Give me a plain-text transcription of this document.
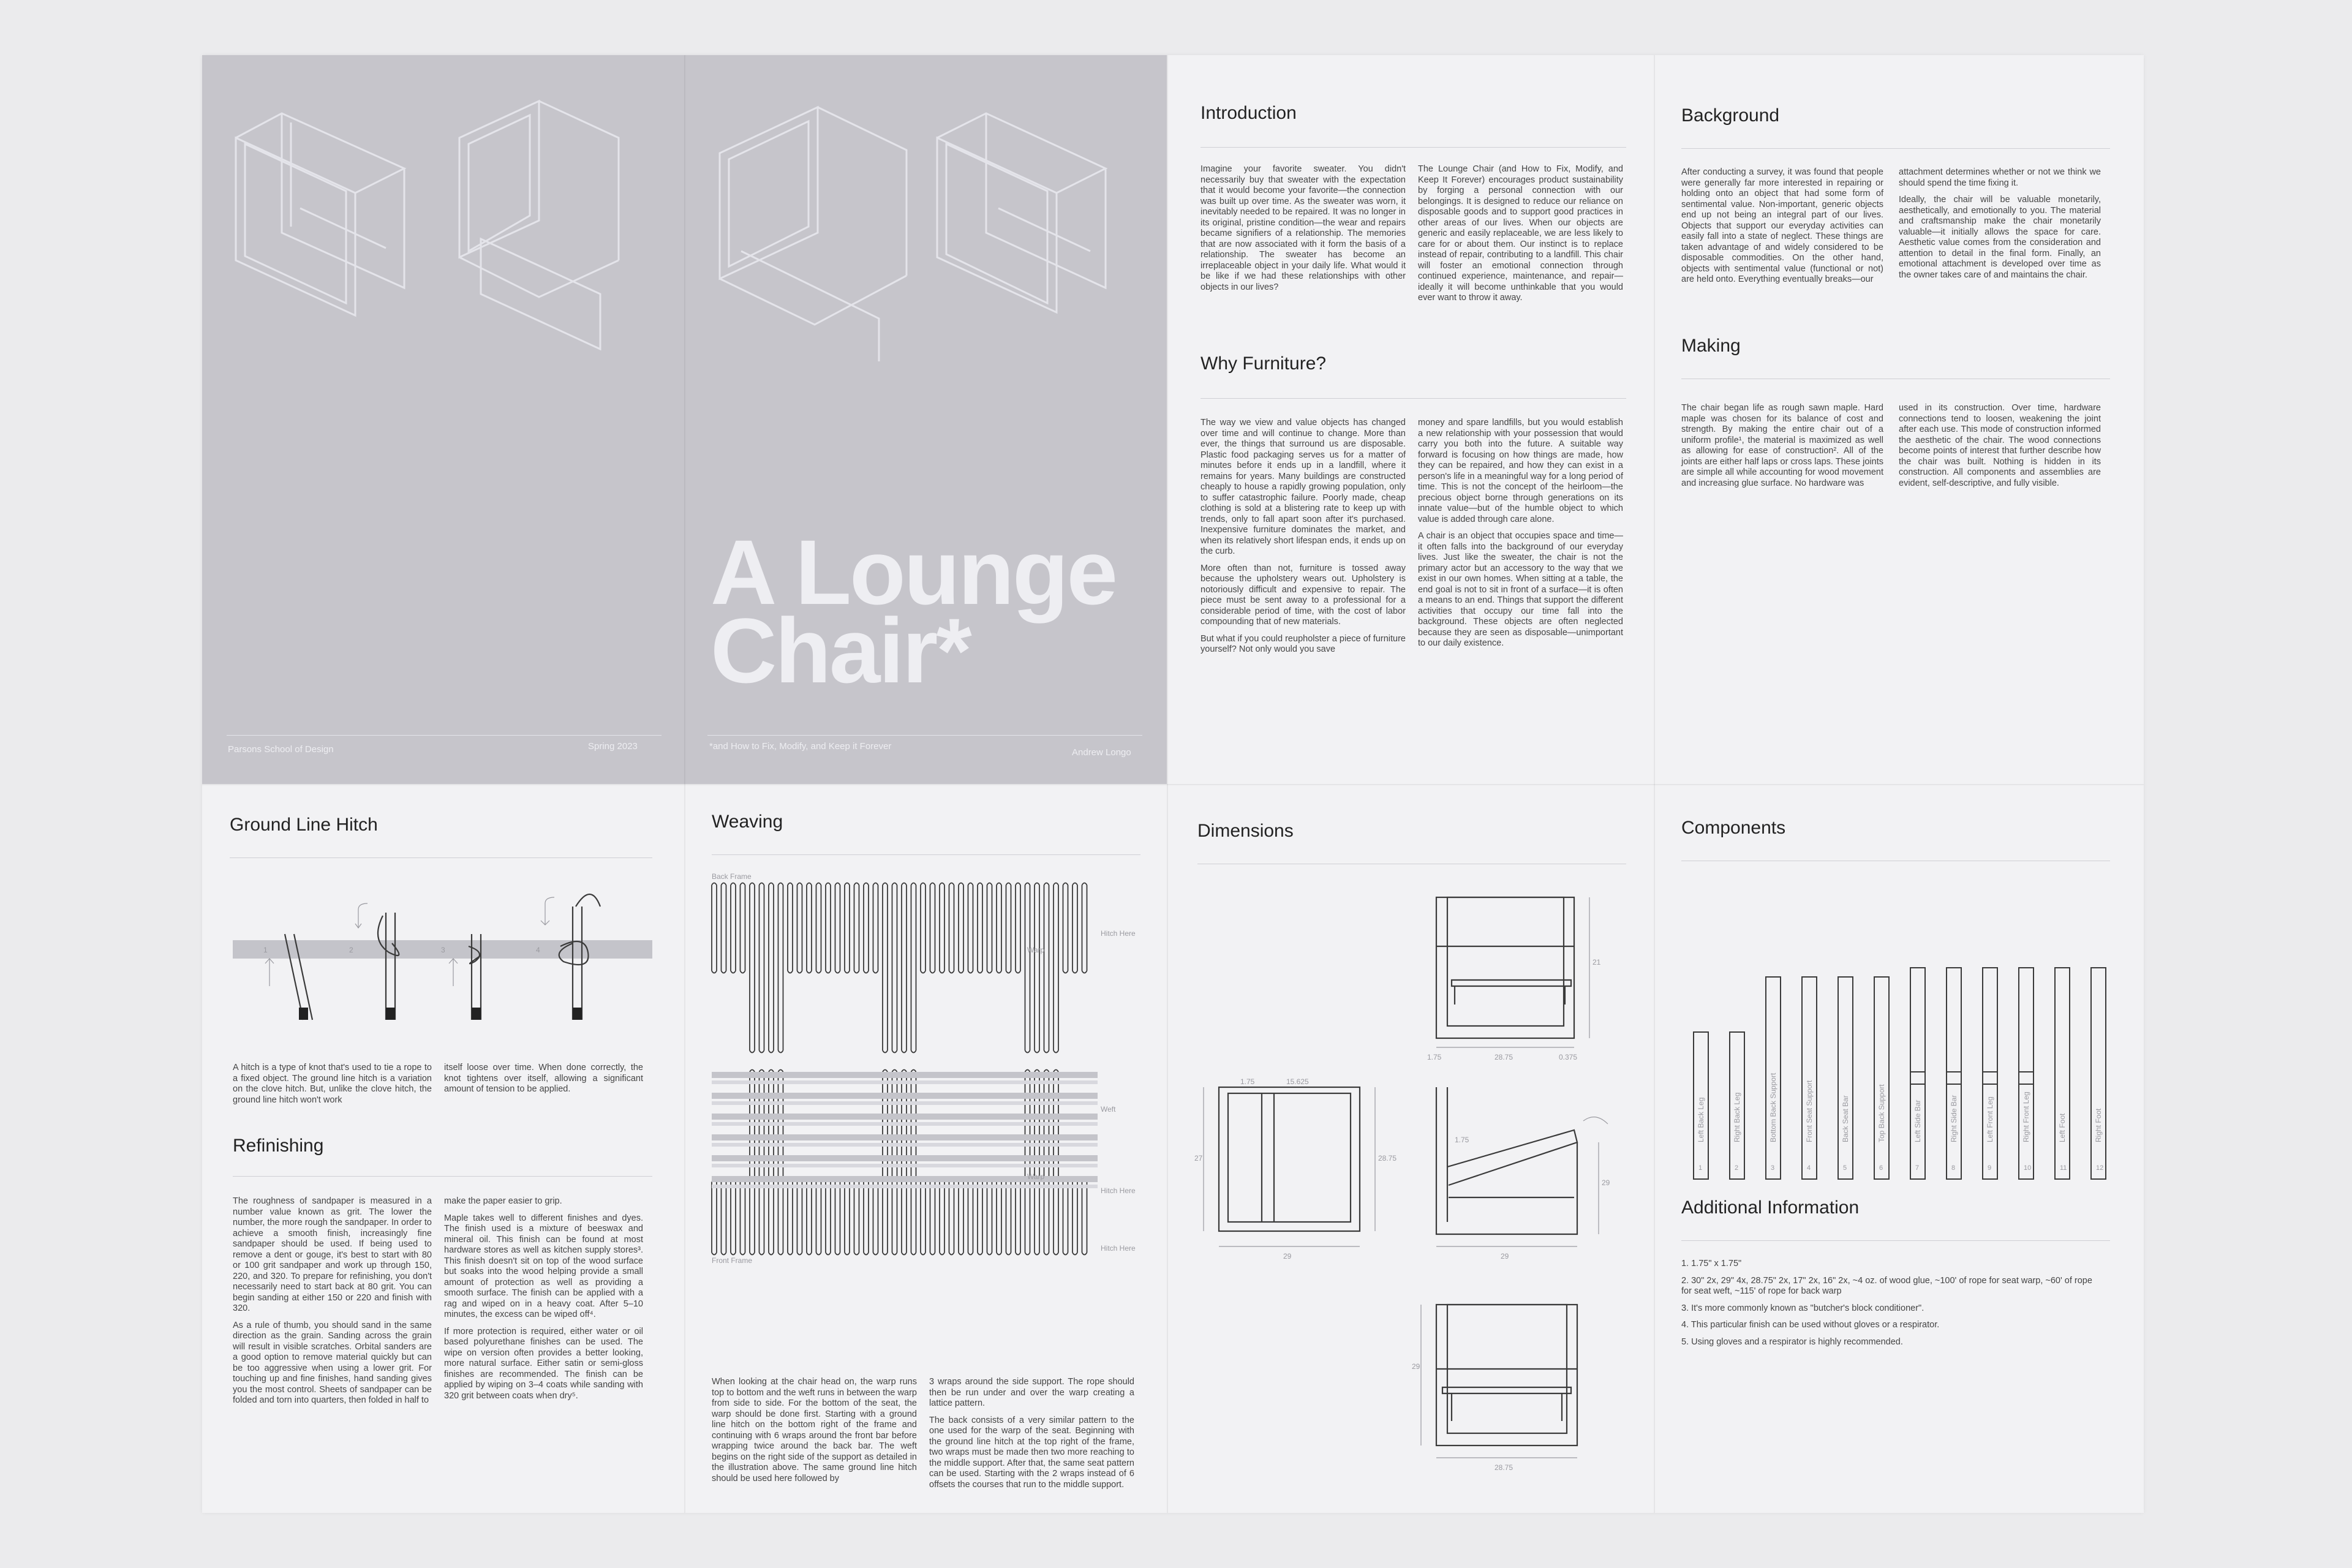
A Lounge
Chair*
Parsons School of Design	Spring 2023	*and How to Fix, Modify, and Keep it Forever
Andrew Longo
Introduction
Imagine your favorite sweater. You didn't necessarily buy that sweater with the expectation that it would become your favorite—the connection was built up over time. As the sweater was worn, it inevitably needed to be repaired. It was no longer in its original, pristine condition—the wear and repairs became signifiers of a relationship. The memories that are now associated with it form the basis of a relationship. The sweater has become an irreplaceable object in your daily life. What would it be like if we had these relationships with other objects in our lives?
The Lounge Chair (and How to Fix, Modify, and Keep It Forever) encourages product sustainability by forging a personal connection with our belongings. It is designed to reduce our reliance on disposable goods and to support good practices in other areas of our lives. When our objects are generic and easily replaceable, we are less likely to care for or about them. Our instinct is to replace instead of repair, contributing to a landfill. This chair will foster an emotional connection through continued experience, maintenance, and repair—ideally it will become unthinkable that you would ever want to throw it away.
Why Furniture?

The way we view and value objects has changed over time and will continue to change. More than ever, the things that surround us are disposable. Plastic food packaging serves us for a matter of minutes before it ends up in a landfill, where it remains for years. Many buildings are constructed cheaply to house a rapidly growing population, only to suffer catastrophic failure. Poorly made, cheap clothing is sold at a blistering rate to keep up with trends, only to fall apart soon after it's purchased. Inexpensive furniture dominates the market, and when its relatively short lifespan ends, it ends up on the curb.

More often than not, furniture is tossed away because the upholstery wears out. Upholstery is notoriously difficult and expensive to repair. The piece must be sent away to a professional for a considerable period of time, with the cost of labor compounding that of new materials.

But what if you could reupholster a piece of furniture yourself? Not only would you save

money and spare landfills, but you would establish a new relationship with your possession that would carry you both into the future. A suitable way forward is focusing on how things are made, how they can be repaired, and how they can exist in a person's life in a meaningful way for a long period of time. This is not the concept of the heirloom—the precious object borne through generations on its innate value—but of the humble object to which value is added through care alone.

A chair is an object that occupies space and time—it often falls into the background of our everyday lives. Just like the sweater, the chair is not the primary actor but an accessory to the way that we exist in our own homes. When sitting at a table, the end goal is not to sit in front of a surface—it is often a means to an end. Things that support the different activities that occupy our time fall into the background. These objects are often neglected because they are seen as disposable—unimportant to our daily existence.

Background
After conducting a survey, it was found that people were generally far more interested in repairing or holding onto an object that had some form of sentimental value. Non-important, generic objects end up not being an integral part of our lives. Objects that support our everyday activities can easily fall into a state of neglect. These things are taken advantage of and widely considered to be disposable commodities. On the other hand, objects with sentimental value (functional or not) are held onto. Everything eventually breaks—our

attachment determines whether or not we think we should spend the time fixing it.

Ideally, the chair will be valuable monetarily, aesthetically, and emotionally to you. The material and craftsmanship make the chair monetarily valuable—it initially allows the space for care. Aesthetic value comes from the consideration and attention to detail in the final form. Finally, an emotional attachment is developed over time as the owner takes care of and maintains the chair.

Making
The chair began life as rough sawn maple. Hard maple was chosen for its balance of cost and strength. By making the entire chair out of a uniform profile¹, the material is maximized as well as allowing for ease of construction². All of the joints are either half laps or cross laps. These joints are simple all while accounting for wood movement and increasing glue surface. No hardware was
used in its construction. Over time, hardware connections tend to loosen, weakening the joint after each use. This mode of construction informed the aesthetic of the chair. The wood connections become points of interest that further describe how the chair was built. Nothing is hidden in its construction. All components and assemblies are evident, self-descriptive, and fully visible.
Ground Line Hitch
1	2	3	4
A hitch is a type of knot that's used to tie a rope to a fixed object. The ground line hitch is a variation on the clove hitch. But, unlike the clove hitch, the ground line hitch won't work
itself loose over time. When done correctly, the knot tightens over itself, allowing a significant amount of tension to be applied.
Refinishing

The roughness of sandpaper is measured in a number value known as grit. The lower the number, the more rough the sandpaper. In order to achieve a smooth finish, increasingly fine sandpaper should be used. If being used to remove a dent or gouge, it's best to start with 80 or 100 grit sandpaper and work up through 150, 220, and 320. To prepare for refinishing, you don't necessarily need to start back at 80 grit. You can begin sanding at either 150 or 220 and finish with 320.

As a rule of thumb, you should sand in the same direction as the grain. Sanding across the grain will result in visible scratches. Orbital sanders are a good option to remove material quickly but can be too aggressive when using a lower grit. For touching up and fine finishes, hand sanding gives you the most control. Sheets of sandpaper can be folded and torn into quarters, then folded in half to

make the paper easier to grip.

Maple takes well to different finishes and dyes. The finish used is a mixture of beeswax and mineral oil. This finish can be found at most hardware stores as well as kitchen supply stores³. This finish doesn't sit on top of the wood surface but soaks into the wood helping provide a small amount of protection as well as providing a smooth surface. The finish can be applied with a rag and wiped on in a heavy coat. After 5–10 minutes, the excess can be wiped off⁴.

If more protection is required, either water or oil based polyurethane finishes can be used. The wipe on version often provides a better looking, more natural surface. Either satin or semi-gloss finishes are recommended. The finish can be applied by wiping on 3–4 coats while sanding with 320 grit between coats when dry⁵.

Weaving
Back Frame
Front Frame
Warp
Weft
Warp
Hitch Here
Hitch Here
Hitch Here
When looking at the chair head on, the warp runs top to bottom and the weft runs in between the warp from side to side. For the bottom of the seat, the warp should be done first. Starting with a ground line hitch on the bottom right of the frame and continuing with 6 wraps around the front bar before wrapping twice around the back bar. The weft begins on the right side of the support as detailed in the illustration above. The same ground line hitch should be used here followed by

3 wraps around the side support. The rope should then be run under and over the warp creating a lattice pattern.

The back consists of a very similar pattern to the one used for the warp of the seat. Beginning with the ground line hitch at the top right of the frame, two wraps must be made then two more reaching to the middle support. After that, the same seat pattern can be used. Starting with the 2 wraps instead of 6 offsets the courses that run to the middle support.

Dimensions
28.75
1.75	0.375
1.75	15.625
27	28.75
29
1.75
29
21
29
29
28.75
Components
Left Back Leg
1
Right Back Leg
2
Bottom Back Support
3
Front Seat Support
4
Back Seat Bar
5
Top Back Support
6
Left Side Bar
7
Right Side Bar
8
Left Front Leg
9
Right Front Leg
10
Left Foot
11
Right Foot
12
Additional Information

1. 1.75" x 1.75"

2. 30" 2x, 29" 4x, 28.75" 2x, 17" 2x, 16" 2x, ~4 oz. of wood glue, ~100' of rope for seat warp, ~60' of rope for seat weft, ~115' of rope for back warp

3. It's more commonly known as "butcher's block conditioner".

4. This particular finish can be used without gloves or a respirator.

5. Using gloves and a respirator is highly recommended.
